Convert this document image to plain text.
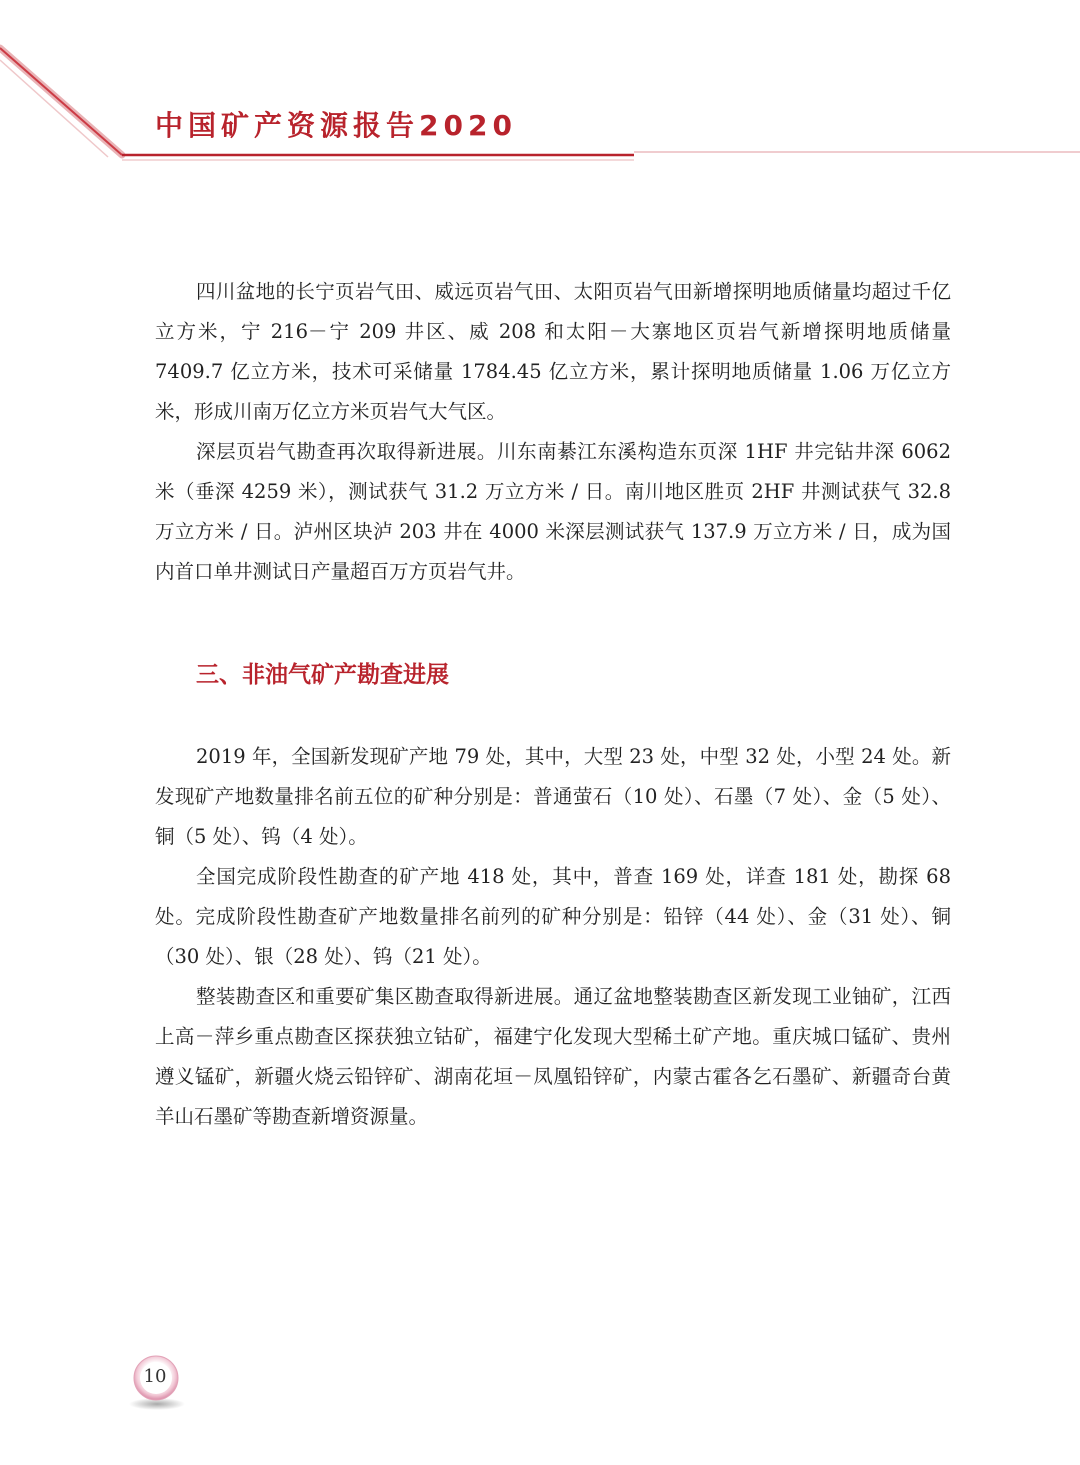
中国矿产资源报告2020

四川盆地的长宁页岩气田、威远页岩气田、太阳页岩气田新增探明地质储量均超过千亿立方米，宁 216－宁 209 井区、威 208 和太阳－大寨地区页岩气新增探明地质储量 7409.7 亿立方米，技术可采储量 1784.45 亿立方米，累计探明地质储量 1.06 万亿立方米，形成川南万亿立方米页岩气大气区。

深层页岩气勘查再次取得新进展。川东南綦江东溪构造东页深 1HF 井完钻井深 6062 米（垂深 4259 米），测试获气 31.2 万立方米 / 日。南川地区胜页 2HF 井测试获气 32.8 万立方米 / 日。泸州区块泸 203 井在 4000 米深层测试获气 137.9 万立方米 / 日，成为国内首口单井测试日产量超百万方页岩气井。

三、非油气矿产勘查进展

2019 年，全国新发现矿产地 79 处，其中，大型 23 处，中型 32 处，小型 24 处。新发现矿产地数量排名前五位的矿种分别是：普通萤石（10 处）、石墨（7 处）、金（5 处）、铜（5 处）、钨（4 处）。

全国完成阶段性勘查的矿产地 418 处，其中，普查 169 处，详查 181 处，勘探 68 处。完成阶段性勘查矿产地数量排名前列的矿种分别是：铅锌（44 处）、金（31 处）、铜（30 处）、银（28 处）、钨（21 处）。

整装勘查区和重要矿集区勘查取得新进展。通辽盆地整装勘查区新发现工业铀矿，江西上高－萍乡重点勘查区探获独立钴矿，福建宁化发现大型稀土矿产地。重庆城口锰矿、贵州遵义锰矿，新疆火烧云铅锌矿、湖南花垣－凤凰铅锌矿，内蒙古霍各乞石墨矿、新疆奇台黄羊山石墨矿等勘查新增资源量。

10
